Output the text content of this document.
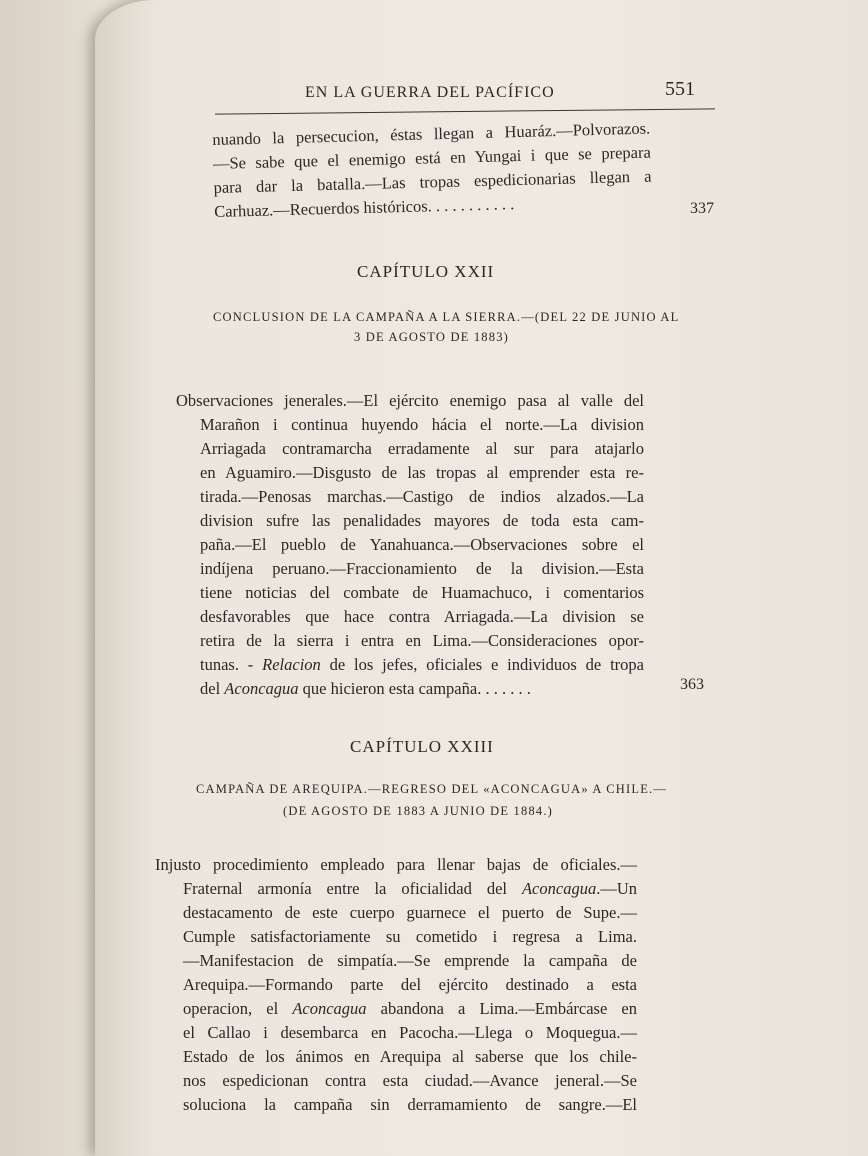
EN LA GUERRA DEL PACÍFICO	551
nuando la persecucion, éstas llegan a Huaráz.—Polvorazos.
—Se sabe que el enemigo está en Yungai i que se prepara
para dar la batalla.—Las tropas espedicionarias llegan a
Carhuaz.—Recuerdos históricos. . . . . . . . . . .	337
CAPÍTULO XXII
CONCLUSION DE LA CAMPAÑA A LA SIERRA.—(DEL 22 DE JUNIO AL
3 DE AGOSTO DE 1883)
Observaciones jenerales.—El ejército enemigo pasa al valle del
Marañon i continua huyendo hácia el norte.—La division
Arriagada contramarcha erradamente al sur para atajarlo
en Aguamiro.—Disgusto de las tropas al emprender esta re-
tirada.—Penosas marchas.—Castigo de indios alzados.—La
division sufre las penalidades mayores de toda esta cam-
paña.—El pueblo de Yanahuanca.—Observaciones sobre el
indíjena peruano.—Fraccionamiento de la division.—Esta
tiene noticias del combate de Huamachuco, i comentarios
desfavorables que hace contra Arriagada.—La division se
retira de la sierra i entra en Lima.—Consideraciones opor-
tunas. - Relacion de los jefes, oficiales e individuos de tropa
del Aconcagua que hicieron esta campaña. . . . . . .	363
CAPÍTULO XXIII
CAMPAÑA DE AREQUIPA.—REGRESO DEL «ACONCAGUA» A CHILE.—
(DE AGOSTO DE 1883 A JUNIO DE 1884.)
Injusto procedimiento empleado para llenar bajas de oficiales.—
Fraternal armonía entre la oficialidad del Aconcagua.—Un
destacamento de este cuerpo guarnece el puerto de Supe.—
Cumple satisfactoriamente su cometido i regresa a Lima.
—Manifestacion de simpatía.—Se emprende la campaña de
Arequipa.—Formando parte del ejército destinado a esta
operacion, el Aconcagua abandona a Lima.—Embárcase en
el Callao i desembarca en Pacocha.—Llega o Moquegua.—
Estado de los ánimos en Arequipa al saberse que los chile-
nos espedicionan contra esta ciudad.—Avance jeneral.—Se
soluciona la campaña sin derramamiento de sangre.—El
